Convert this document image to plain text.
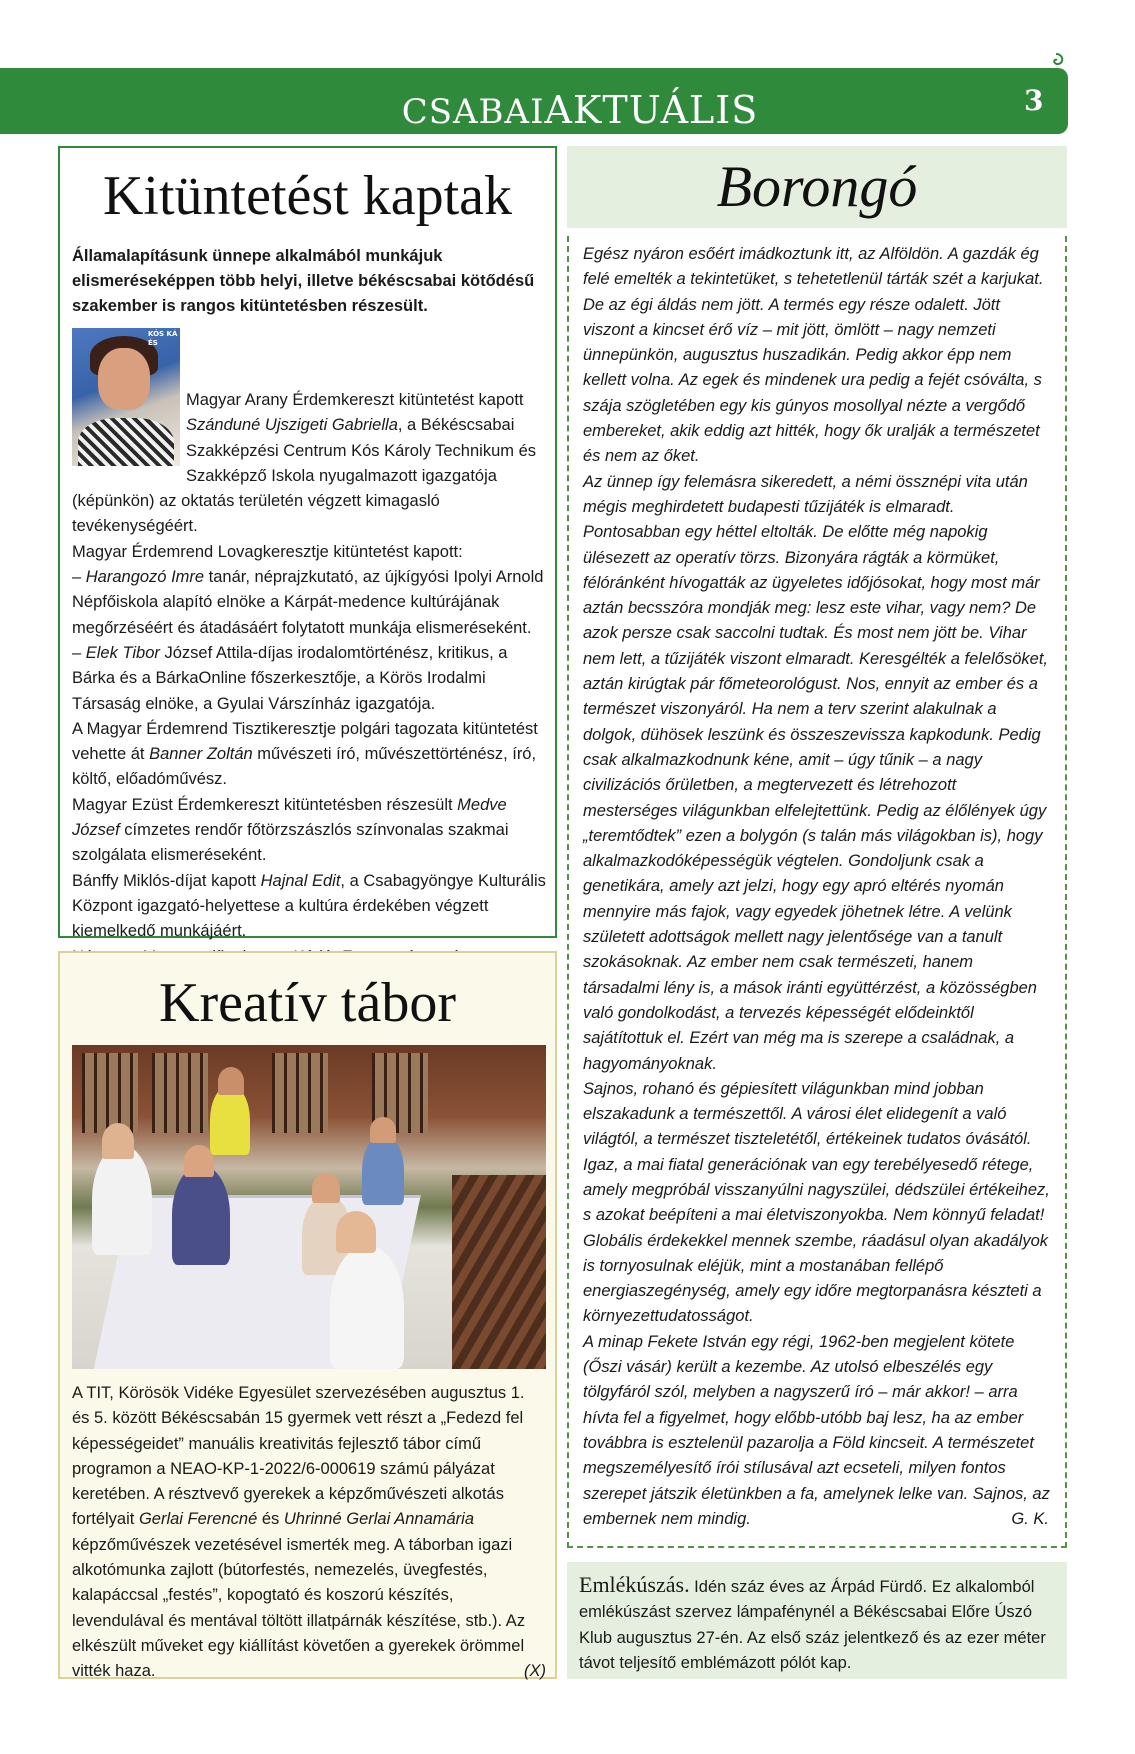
CSABAIAKTUÁLIS	3
Kitüntetést kaptak
Államalapításunk ünnepe alkalmából munkájuk elismeréseképpen több helyi, illetve békéscsabai kötődésű szakember is rangos kitüntetésben részesült.

Magyar Arany Érdemkereszt kitüntetést kapott Szánduné Ujszigeti Gabriella, a Békéscsabai Szakképzési Centrum Kós Károly Technikum és Szakképző Iskola nyugalmazott igazgatója (képünkön) az oktatás területén végzett kimagasló tevékenységéért.

Magyar Érdemrend Lovagkeresztje kitüntetést kapott:

– Harangozó Imre tanár, néprajzkutató, az újkígyósi Ipolyi Arnold Népfőiskola alapító elnöke a Kárpát-medence kultúrájának megőrzéséért és átadásáért folytatott munkája elismeréseként.

– Elek Tibor József Attila-díjas irodalomtörténész, kritikus, a Bárka és a BárkaOnline főszerkesztője, a Körös Irodalmi Társaság elnöke, a Gyulai Várszínház igazgatója.

A Magyar Érdemrend Tisztikeresztje polgári tagozata kitüntetést vehette át Banner Zoltán művészeti író, művészettörténész, író, költő, előadóművész.

Magyar Ezüst Érdemkereszt kitüntetésben részesült Medve József címzetes rendőr főtörzszászlós színvonalas szakmai szolgálata elismeréseként.

Bánffy Miklós-díjat kapott Hajnal Edit, a Csabagyöngye Kulturális Központ igazgató-helyettese a kultúra érdekében végzett kiemelkedő munkájáért.

KÓS KÁ ÉS
Kreatív tábor

A TIT, Körösök Vidéke Egyesület szervezésében augusztus 1. és 5. között Békéscsabán 15 gyermek vett részt a „Fedezd fel képességeidet” manuális kreativitás fejlesztő tábor című programon a NEAO-KP-1-2022/6-000619 számú pályázat keretében. A résztvevő gyerekek a képzőművészeti alkotás fortélyait Gerlai Ferencné és Uhrinné Gerlai Annamária képzőművészek vezetésével ismerték meg. A táborban igazi alkotómunka zajlott (bútorfestés, nemezelés, üvegfestés, kalapáccsal „festés”, kopogtató és koszorú készítés, levendulával és mentával töltött illatpárnák készítése, stb.). Az elkészült műveket egy kiállítást követően a gyerekek örömmel vitték haza.	(X)

Borongó

Egész nyáron esőért imádkoztunk itt, az Alföldön. A gazdák ég felé emelték a tekintetüket, s tehetetlenül tárták szét a karjukat. De az égi áldás nem jött. A termés egy része odalett. Jött viszont a kincset érő víz – mit jött, ömlött – nagy nemzeti ünnepünkön, augusztus huszadikán. Pedig akkor épp nem kellett volna. Az egek és mindenek ura pedig a fejét csóválta, s szája szögletében egy kis gúnyos mosollyal nézte a vergődő embereket, akik eddig azt hitték, hogy ők uralják a természetet és nem az őket.

Az ünnep így felemásra sikeredett, a némi össznépi vita után mégis meghirdetett budapesti tűzijáték is elmaradt. Pontosabban egy héttel eltolták. De előtte még napokig ülésezett az operatív törzs. Bizonyára rágták a körmüket, félóránként hívogatták az ügyeletes időjósokat, hogy most már aztán becsszóra mondják meg: lesz este vihar, vagy nem? De azok persze csak saccolni tudtak. És most nem jött be. Vihar nem lett, a tűzijáték viszont elmaradt. Keresgélték a felelősöket, aztán kirúgtak pár főmeteorológust. Nos, ennyit az ember és a természet viszonyáról. Ha nem a terv szerint alakulnak a dolgok, dühösek leszünk és összeszevissza kapkodunk. Pedig csak alkalmazkodnunk kéne, amit – úgy tűnik – a nagy civilizációs őrületben, a megtervezett és létrehozott mesterséges világunkban elfelejtettünk. Pedig az élőlények úgy „teremtődtek” ezen a bolygón (s talán más világokban is), hogy alkalmazkodóképességük végtelen. Gondoljunk csak a genetikára, amely azt jelzi, hogy egy apró eltérés nyomán mennyire más fajok, vagy egyedek jöhetnek létre. A velünk született adottságok mellett nagy jelentősége van a tanult szokásoknak. Az ember nem csak természeti, hanem társadalmi lény is, a mások iránti együttérzést, a közösségben való gondolkodást, a tervezés képességét elődeinktől sajátítottuk el. Ezért van még ma is szerepe a családnak, a hagyományoknak.

Sajnos, rohanó és gépiesített világunkban mind jobban elszakadunk a természettől. A városi élet elidegenít a való világtól, a természet tiszteletétől, értékeinek tudatos óvásától. Igaz, a mai fiatal generációnak van egy terebélyesedő rétege, amely megpróbál visszanyúlni nagyszülei, dédszülei értékeihez, s azokat beépíteni a mai életviszonyokba. Nem könnyű feladat! Globális érdekekkel mennek szembe, ráadásul olyan akadályok is tornyosulnak eléjük, mint a mostanában fellépő energiaszegénység, amely egy időre megtorpanásra készteti a környezettudatosságot.

A minap Fekete István egy régi, 1962-ben megjelent kötete (Őszi vásár) került a kezembe. Az utolsó elbeszélés egy tölgyfáról szól, melyben a nagyszerű író – már akkor! – arra hívta fel a figyelmet, hogy előbb-utóbb baj lesz, ha az ember továbbra is esztelenül pazarolja a Föld kincseit. A természetet megszemélyesítő írói stílusával azt ecseteli, milyen fontos szerepet játszik életünkben a fa, amelynek lelke van. Sajnos, az embernek nem mindig.	G. K.

Emlékúszás. Idén száz éves az Árpád Fürdő. Ez alkalomból emlékúszást szervez lámpafénynél a Békéscsabai Előre Úszó Klub augusztus 27-én. Az első száz jelentkező és az ezer méter távot teljesítő emblémázott pólót kap.
